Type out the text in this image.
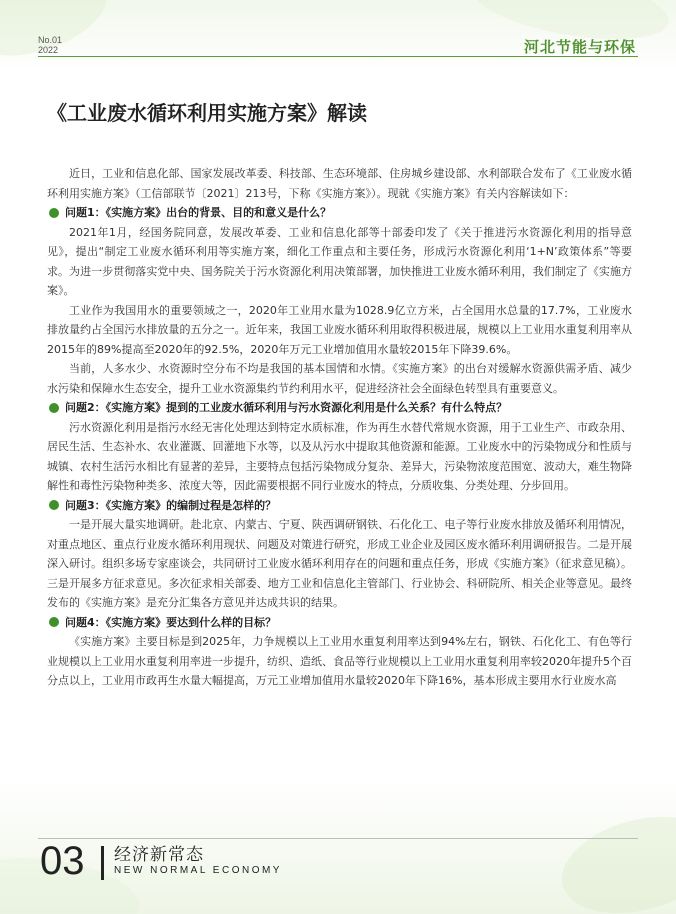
No.01
2022	河北节能与环保
《工业废水循环利用实施方案》解读

近日，工业和信息化部、国家发展改革委、科技部、生态环境部、住房城乡建设部、水利部联合发布了《工业废水循环利用实施方案》（工信部联节〔2021〕213号，下称《实施方案》）。现就《实施方案》有关内容解读如下：

问题1：《实施方案》出台的背景、目的和意义是什么？

2021年1月，经国务院同意，发展改革委、工业和信息化部等十部委印发了《关于推进污水资源化利用的指导意见》，提出“制定工业废水循环利用等实施方案，细化工作重点和主要任务，形成污水资源化利用‘1+N’政策体系”等要求。为进一步贯彻落实党中央、国务院关于污水资源化利用决策部署，加快推进工业废水循环利用，我们制定了《实施方案》。

工业作为我国用水的重要领域之一，2020年工业用水量为1028.9亿立方米，占全国用水总量的17.7%，工业废水排放量约占全国污水排放量的五分之一。近年来，我国工业废水循环利用取得积极进展，规模以上工业用水重复利用率从2015年的89%提高至2020年的92.5%，2020年万元工业增加值用水量较2015年下降39.6%。

当前，人多水少、水资源时空分布不均是我国的基本国情和水情。《实施方案》的出台对缓解水资源供需矛盾、减少水污染和保障水生态安全，提升工业水资源集约节约利用水平，促进经济社会全面绿色转型具有重要意义。

问题2：《实施方案》提到的工业废水循环利用与污水资源化利用是什么关系？有什么特点？

污水资源化利用是指污水经无害化处理达到特定水质标准，作为再生水替代常规水资源，用于工业生产、市政杂用、居民生活、生态补水、农业灌溉、回灌地下水等，以及从污水中提取其他资源和能源。工业废水中的污染物成分和性质与城镇、农村生活污水相比有显著的差异，主要特点包括污染物成分复杂、差异大，污染物浓度范围宽、波动大，难生物降解性和毒性污染物种类多、浓度大等，因此需要根据不同行业废水的特点，分质收集、分类处理、分步回用。

问题3：《实施方案》的编制过程是怎样的？

一是开展大量实地调研。赴北京、内蒙古、宁夏、陕西调研钢铁、石化化工、电子等行业废水排放及循环利用情况，对重点地区、重点行业废水循环利用现状、问题及对策进行研究，形成工业企业及园区废水循环利用调研报告。二是开展深入研讨。组织多场专家座谈会，共同研讨工业废水循环利用存在的问题和重点任务，形成《实施方案》（征求意见稿）。三是开展多方征求意见。多次征求相关部委、地方工业和信息化主管部门、行业协会、科研院所、相关企业等意见。最终发布的《实施方案》是充分汇集各方意见并达成共识的结果。

问题4：《实施方案》要达到什么样的目标？

《实施方案》主要目标是到2025年，力争规模以上工业用水重复利用率达到94%左右，钢铁、石化化工、有色等行业规模以上工业用水重复利用率进一步提升，纺织、造纸、食品等行业规模以上工业用水重复利用率较2020年提升5个百分点以上，工业用市政再生水量大幅提高，万元工业增加值用水量较2020年下降16%，基本形成主要用水行业废水高

03 经济新常态
NEW NORMAL ECONOMY
